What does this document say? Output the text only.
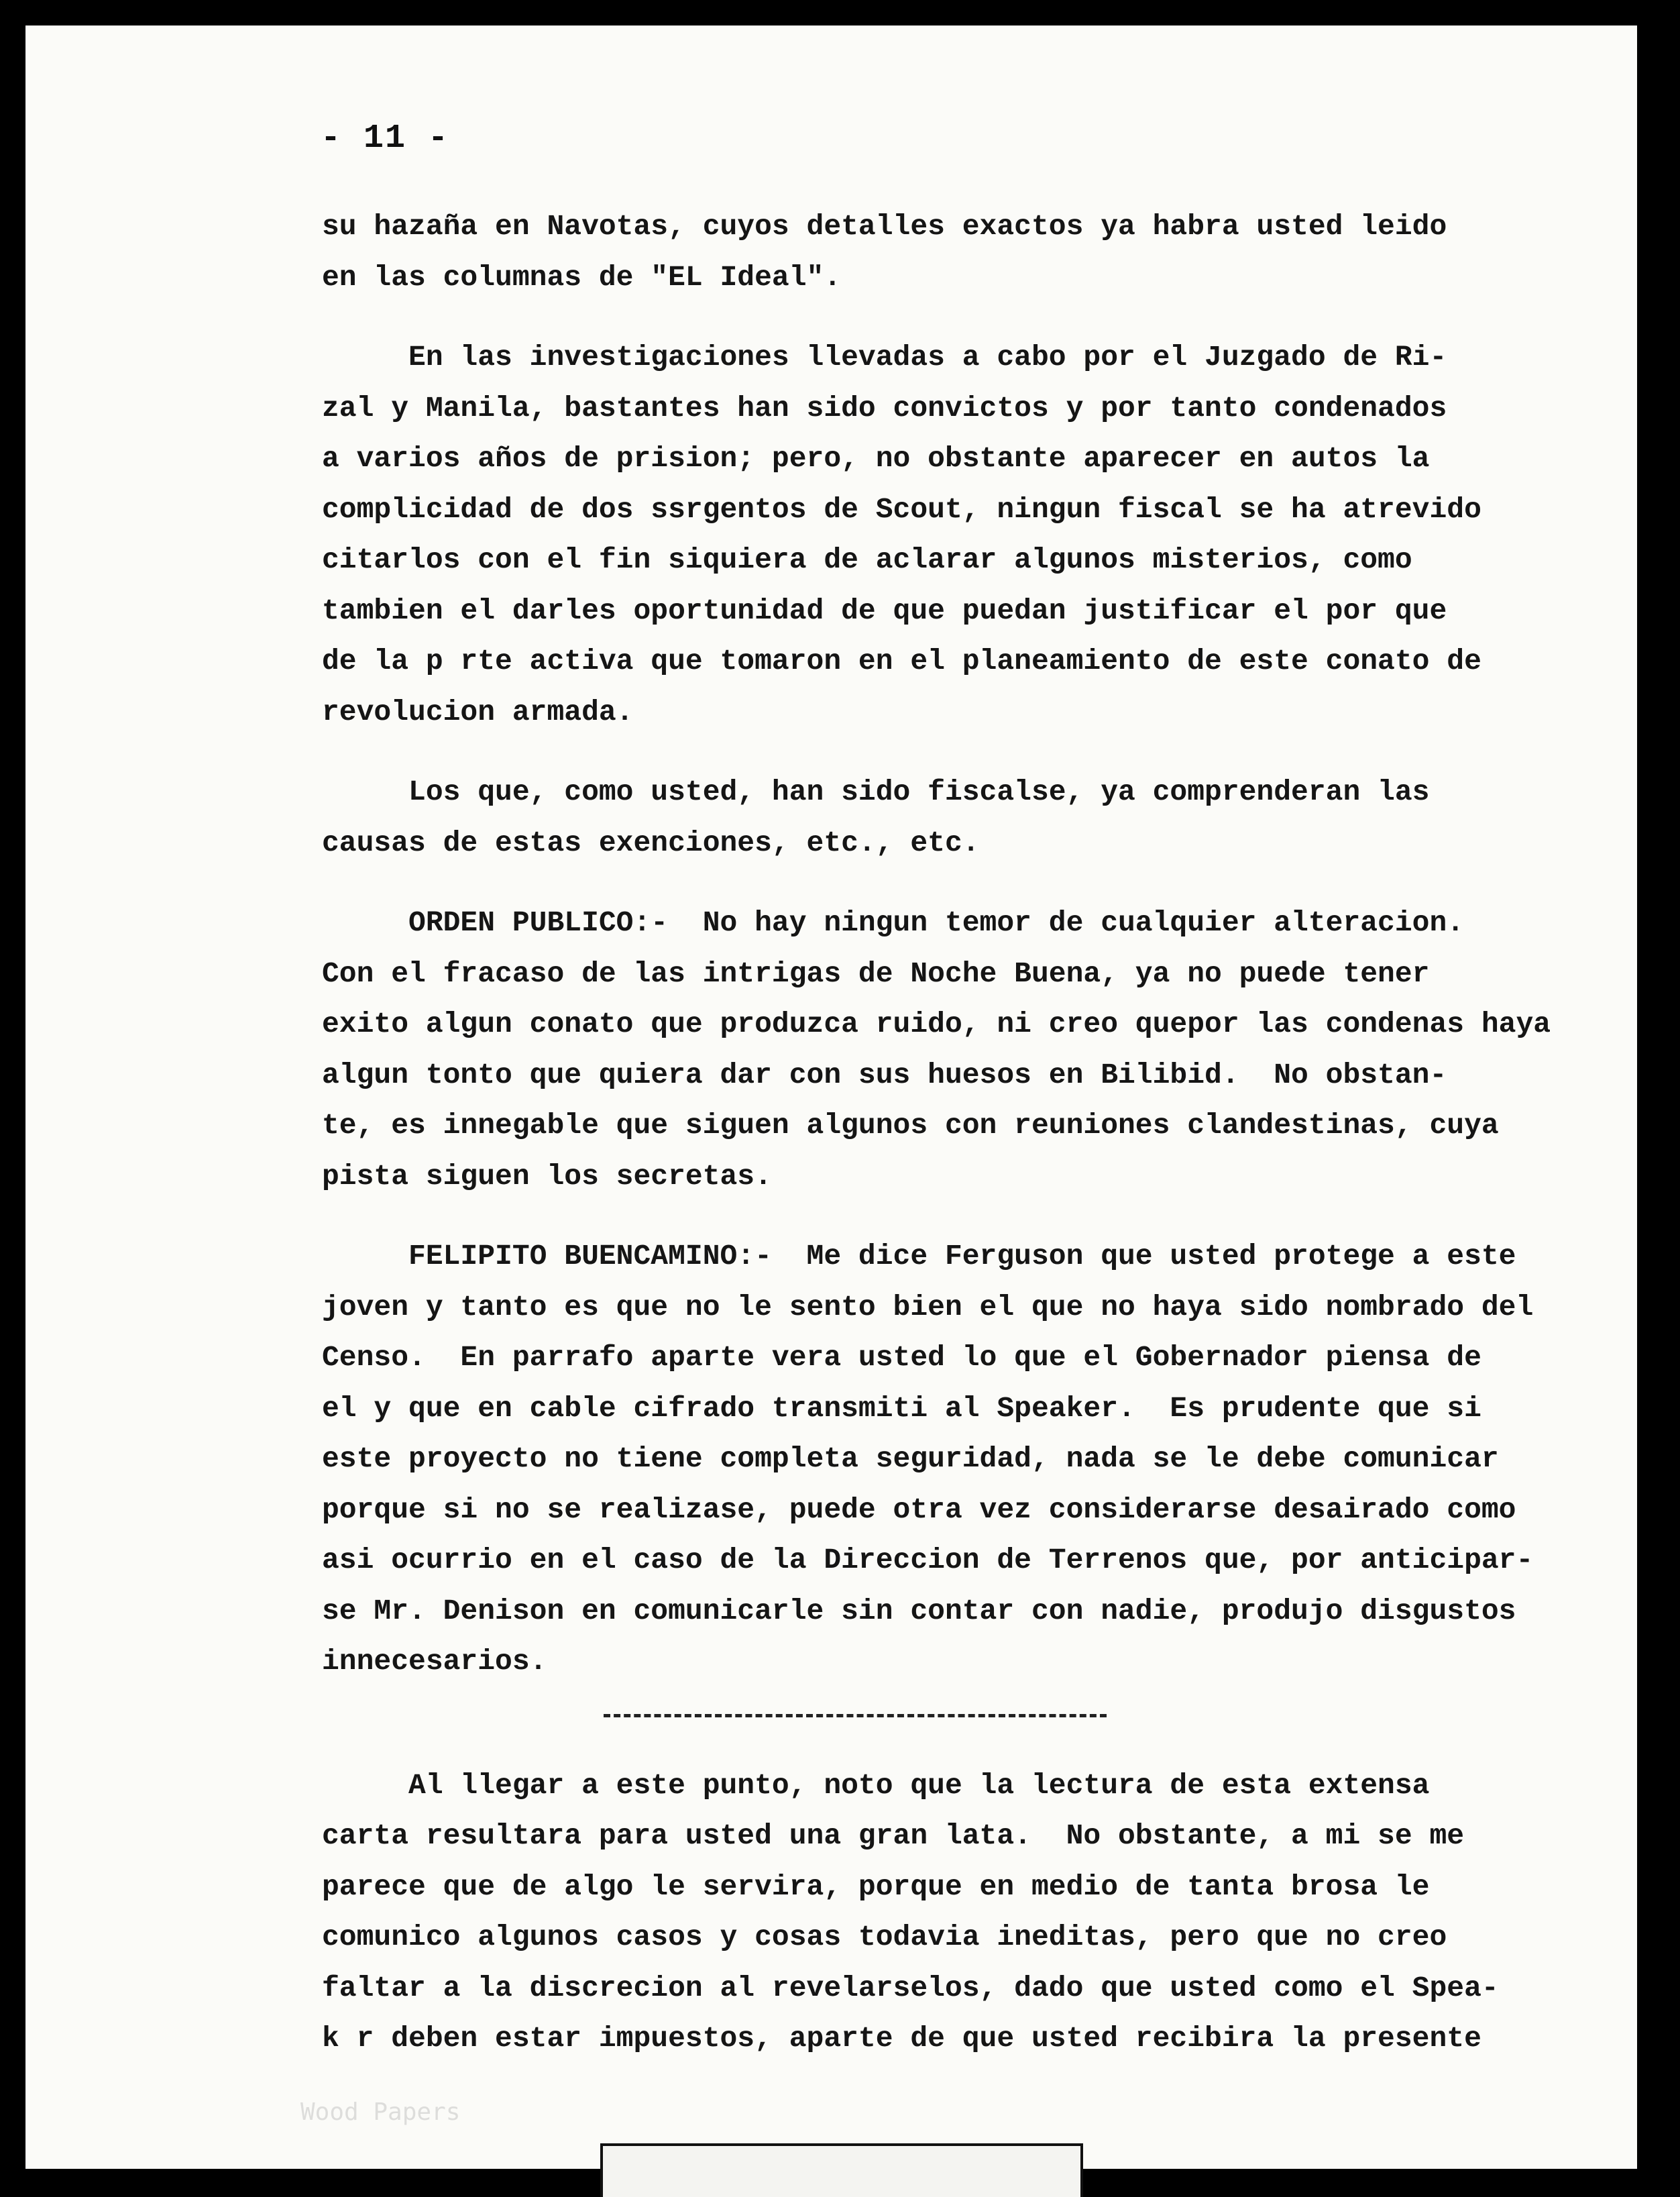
- 11 -
su hazaña en Navotas, cuyos detalles exactos ya habra usted leido
en las columnas de "EL Ideal".
En las investigaciones llevadas a cabo por el Juzgado de Ri-
zal y Manila, bastantes han sido convictos y por tanto condenados
a varios años de prision; pero, no obstante aparecer en autos la
complicidad de dos ssrgentos de Scout, ningun fiscal se ha atrevido
citarlos con el fin siquiera de aclarar algunos misterios, como
tambien el darles oportunidad de que puedan justificar el por que
de la p rte activa que tomaron en el planeamiento de este conato de
revolucion armada.
Los que, como usted, han sido fiscalse, ya comprenderan las
causas de estas exenciones, etc., etc.
ORDEN PUBLICO:-  No hay ningun temor de cualquier alteracion.
Con el fracaso de las intrigas de Noche Buena, ya no puede tener
exito algun conato que produzca ruido, ni creo quepor las condenas haya
algun tonto que quiera dar con sus huesos en Bilibid.  No obstan-
te, es innegable que siguen algunos con reuniones clandestinas, cuya
pista siguen los secretas.
FELIPITO BUENCAMINO:-  Me dice Ferguson que usted protege a este
joven y tanto es que no le sento bien el que no haya sido nombrado del
Censo.  En parrafo aparte vera usted lo que el Gobernador piensa de
el y que en cable cifrado transmiti al Speaker.  Es prudente que si
este proyecto no tiene completa seguridad, nada se le debe comunicar
porque si no se realizase, puede otra vez considerarse desairado como
asi ocurrio en el caso de la Direccion de Terrenos que, por anticipar-
se Mr. Denison en comunicarle sin contar con nadie, produjo disgustos
innecesarios.
Al llegar a este punto, noto que la lectura de esta extensa
carta resultara para usted una gran lata.  No obstante, a mi se me
parece que de algo le servira, porque en medio de tanta brosa le
comunico algunos casos y cosas todavia ineditas, pero que no creo
faltar a la discrecion al revelarselos, dado que usted como el Spea-
k r deben estar impuestos, aparte de que usted recibira la presente
Wood Papers
